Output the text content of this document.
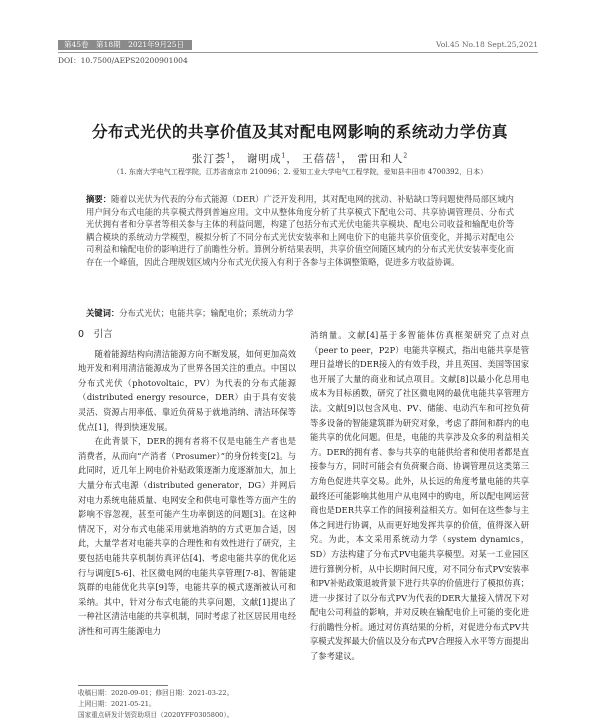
第45卷　第18期　2021年9月25日	Vol.45 No.18 Sept.25,2021
DOI：10.7500/AEPS20200901004
分布式光伏的共享价值及其对配电网影响的系统动力学仿真
张汀荟$^1$， 谢明成$^1$， 王蓓蓓$^1$， 雷田和人$^2$
（1. 东南大学电气工程学院，江苏省南京市 210096；2. 爱知工业大学电气工程学院，爱知县丰田市 4700392，日本）
摘要：随着以光伏为代表的分布式能源（DER）广泛开发利用，其对配电网的扰动、补贴缺口等问题使得局部区域内用户间分布式电能的共享模式得到普遍应用。文中从整体角度分析了共享模式下配电公司、共享协调管理员、分布式光伏拥有者和分享者等相关参与主体的利益问题，构建了包括分布式光伏电能共享模块、配电公司收益和输配电价等耦合模块的系统动力学模型，模拟分析了不同分布式光伏安装率和上网电价下的电能共享价值变化，并揭示对配电公司利益和输配电价的影响进行了前瞻性分析。算例分析结果表明，共享价值空间随区域内的分布式光伏安装率变化而存在一个峰值，因此合理规划区域内分布式光伏接入有利于各参与主体调整策略，促进多方收益协调。
关键词：分布式光伏；电能共享；输配电价；系统动力学
0　 引言

随着能源结构向清洁能源方向不断发展，如何更加高效地开发和利用清洁能源成为了世界各国关注的重点。中国以分布式光伏（photovoltaic，PV）为代表的分布式能源（distributed energy resource，DER）由于具有安装灵活、资源占用率低、靠近负荷易于就地消纳、清洁环保等优点[1]，得到快速发展。

在此背景下，DER的拥有者将不仅是电能生产者也是消费者，从而向“产消者（Prosumer）”的身份转变[2]。与此同时，近几年上网电价补贴政策逐渐力度逐渐加大，加上大量分布式电源（distributed generator，DG）并网后对电力系统电能质量、电网安全和供电可靠性等方面产生的影响不容忽视，甚至可能产生功率倒送的问题[3]。在这种情况下，对分布式电能采用就地消纳的方式更加合适，因此，大量学者对电能共享的合理性和有效性进行了研究，主要包括电能共享机制仿真评估[4]、考虑电能共享的优化运行与调度[5-6]、社区微电网的电能共享管理[7-8]、智能建筑群的电能优化共享[9]等，电能共享的模式逐渐被认可和采纳。其中，针对分布式电能的共享问题，文献[1]提出了一种社区清洁电能的共享机制，同时考虑了社区居民用电经济性和可再生能源电力

消纳量。文献[4]基于多智能体仿真框架研究了点对点（peer to peer，P2P）电能共享模式，指出电能共享是管理日益增长的DER接入的有效手段，并且英国、美国等国家也开展了大量的商业和试点项目。文献[8]以最小化总用电成本为目标函数，研究了社区微电网的最优电能共享管理方法。文献[9]以包含风电、PV、储能、电动汽车和可控负荷等多设备的智能建筑群为研究对象，考虑了群间和群内的电能共享的优化问题。但是，电能的共享涉及众多的利益相关方。DER的拥有者、参与共享的电能供给者和使用者都是直接参与方，同时可能会有负荷聚合商、协调管理员这类第三方角色促进共享交易。此外，从长远的角度考量电能的共享最终还可能影响其他用户从电网中的购电，所以配电网运营商也是DER共享工作的间接利益相关方。如何在这些参与主体之间进行协调，从而更好地发挥共享的价值，值得深入研究。为此，本文采用系统动力学（system dynamics，SD）方法构建了分布式PV电能共享模型。对某一工业园区进行算例分析，从中长期时间尺度，对不同分布式PV安装率和PV补贴政策退坡背景下进行共享的价值进行了模拟仿真；进一步探讨了以分布式PV为代表的DER大量接入情况下对配电公司利益的影响，并对反映在输配电价上可能的变化进行前瞻性分析。通过对仿真结果的分析，对促进分布式PV共享模式发挥最大价值以及分布式PV合理接入水平等方面提出了参考建议。

收稿日期：2020-09-01；修回日期：2021-03-22。
上网日期：2021-05-21。
国家重点研发计划资助项目（2020YFF0305800）。
